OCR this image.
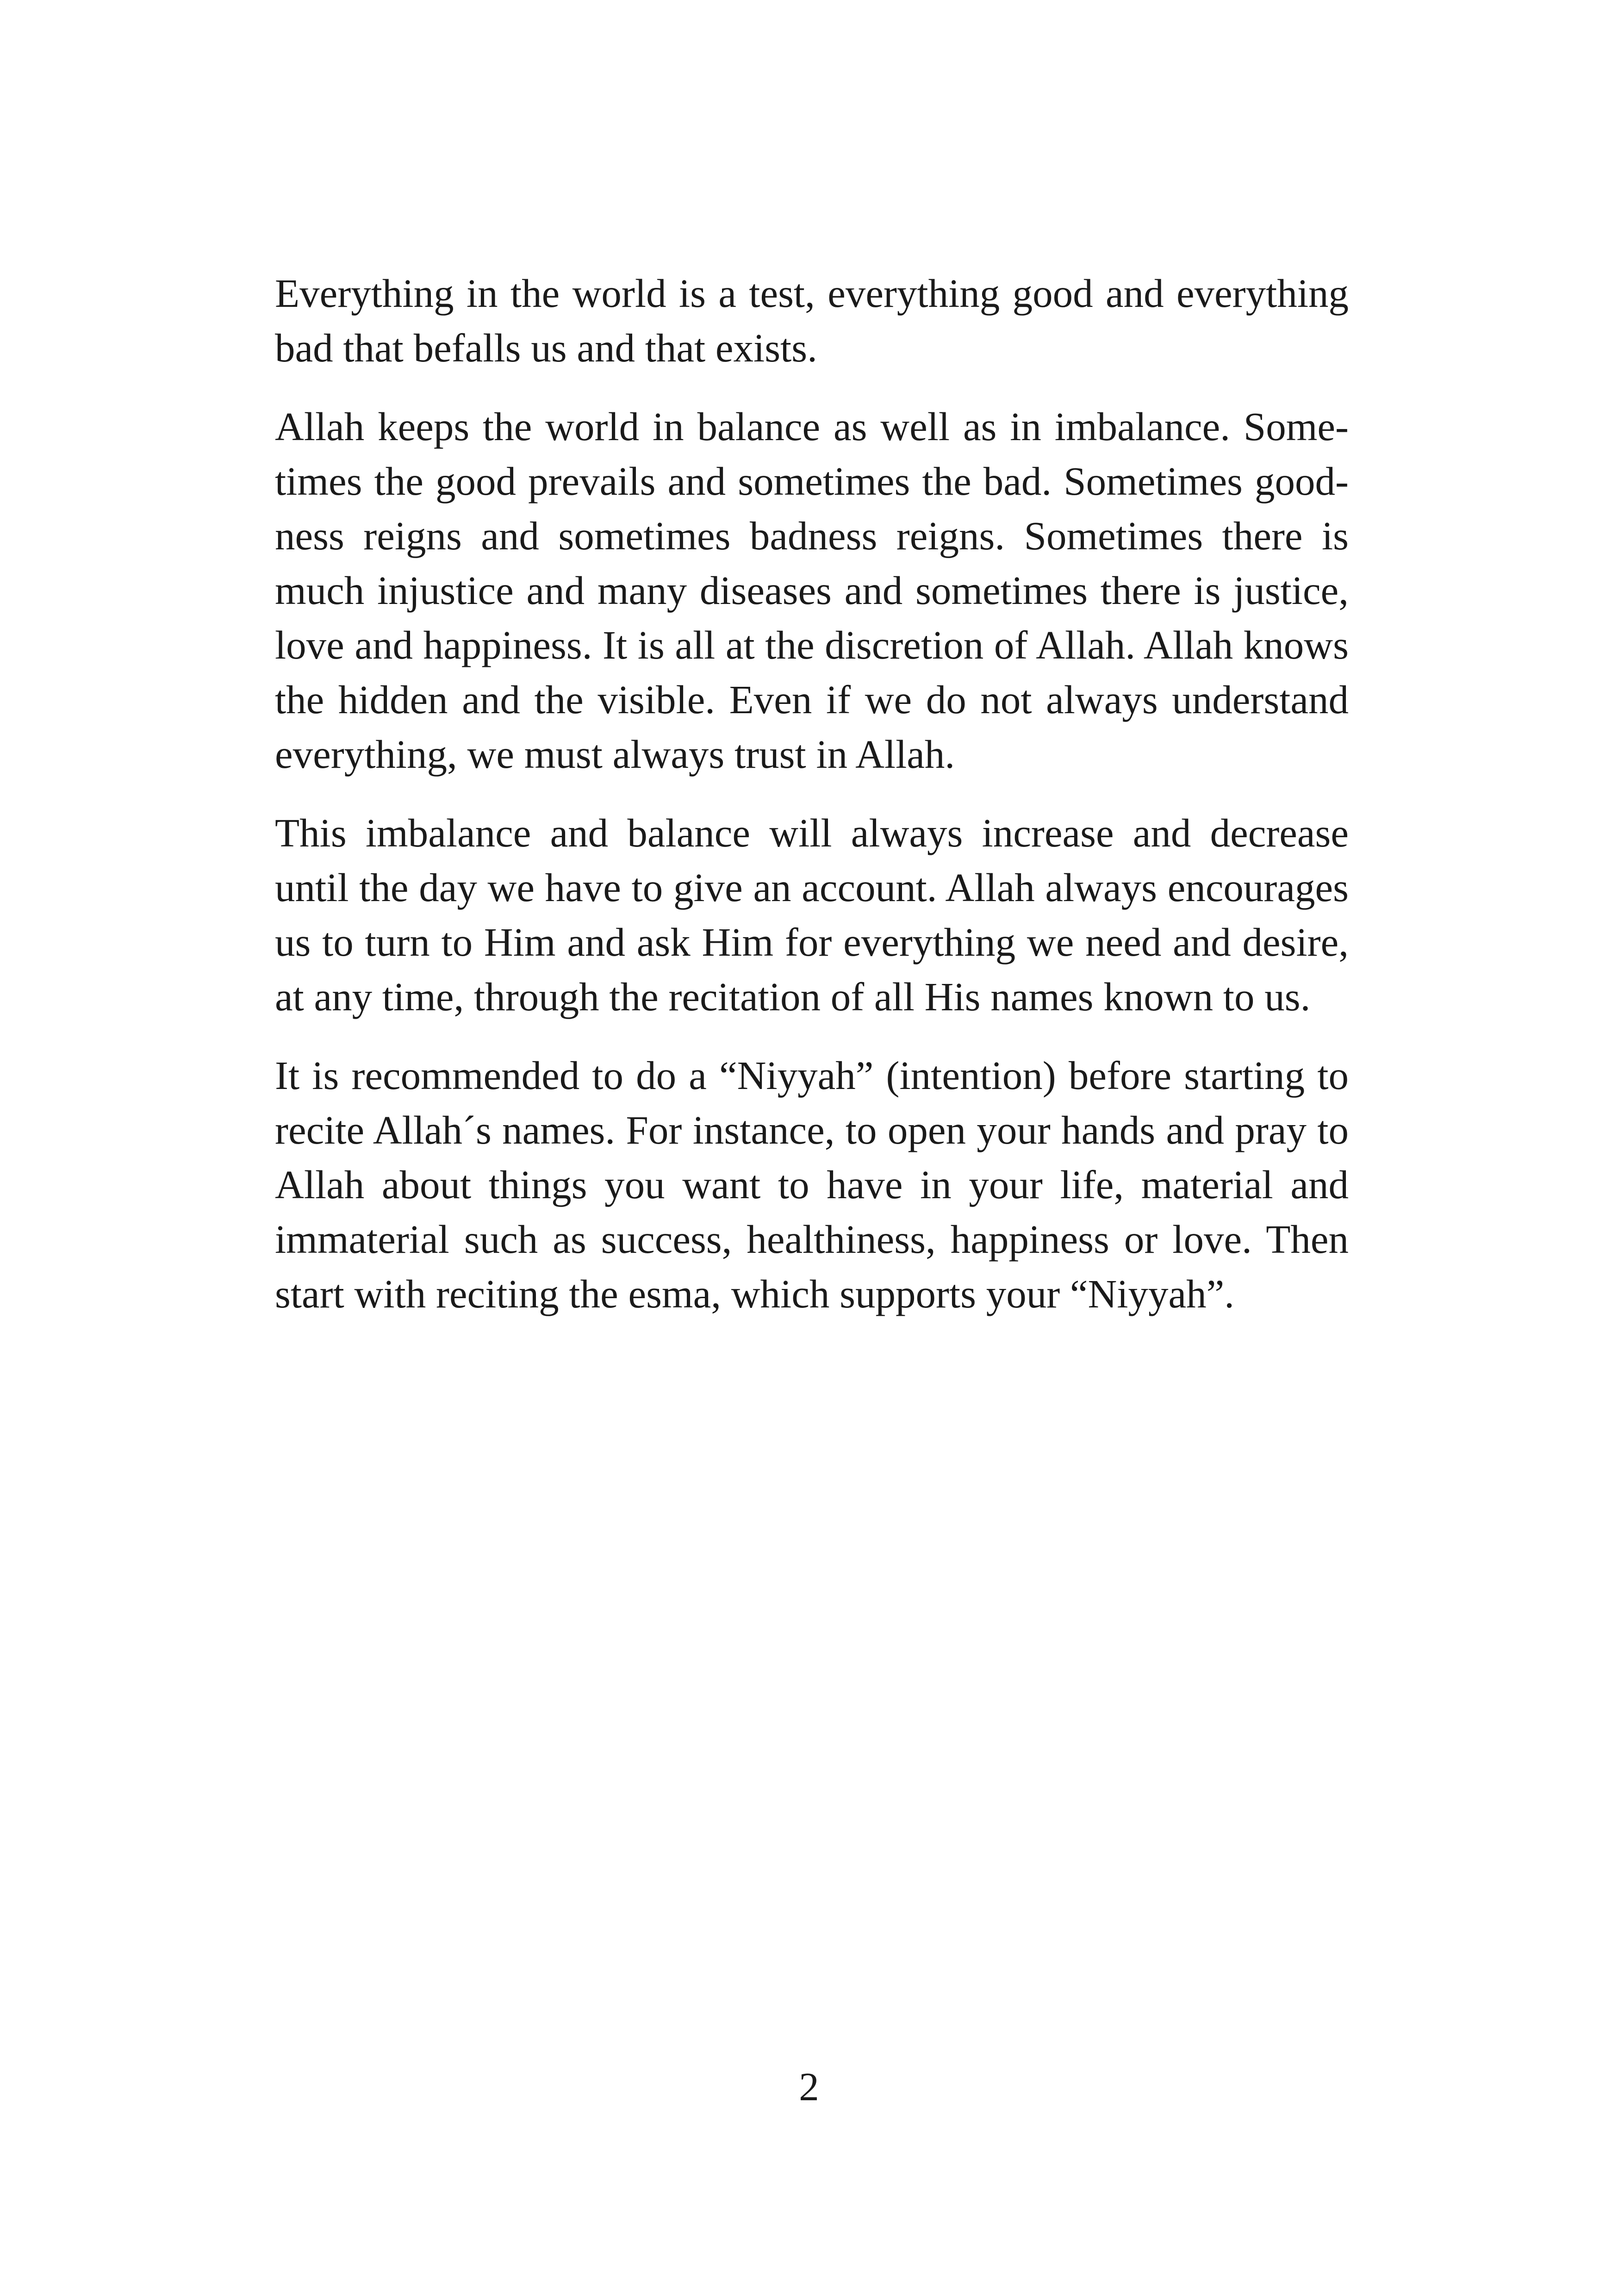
Everything in the world is a test, everything good and everything bad that befalls us and that exists.

Allah keeps the world in balance as well as in imbalance. Sometimes the good prevails and sometimes the bad. Sometimes goodness reigns and sometimes badness reigns. Sometimes there is much injustice and many diseases and sometimes there is justice, love and happiness. It is all at the discretion of Allah. Allah knows the hidden and the visible. Even if we do not always understand everything, we must always trust in Allah.

This imbalance and balance will always increase and decrease until the day we have to give an account. Allah always encourages us to turn to Him and ask Him for everything we need and desire, at any time, through the recitation of all His names known to us.

It is recommended to do a “Niyyah” (intention) before starting to recite Allah´s names. For instance, to open your hands and pray to Allah about things you want to have in your life, material and immaterial such as success, healthiness, happiness or love. Then start with reciting the esma, which supports your “Niyyah”.

2
